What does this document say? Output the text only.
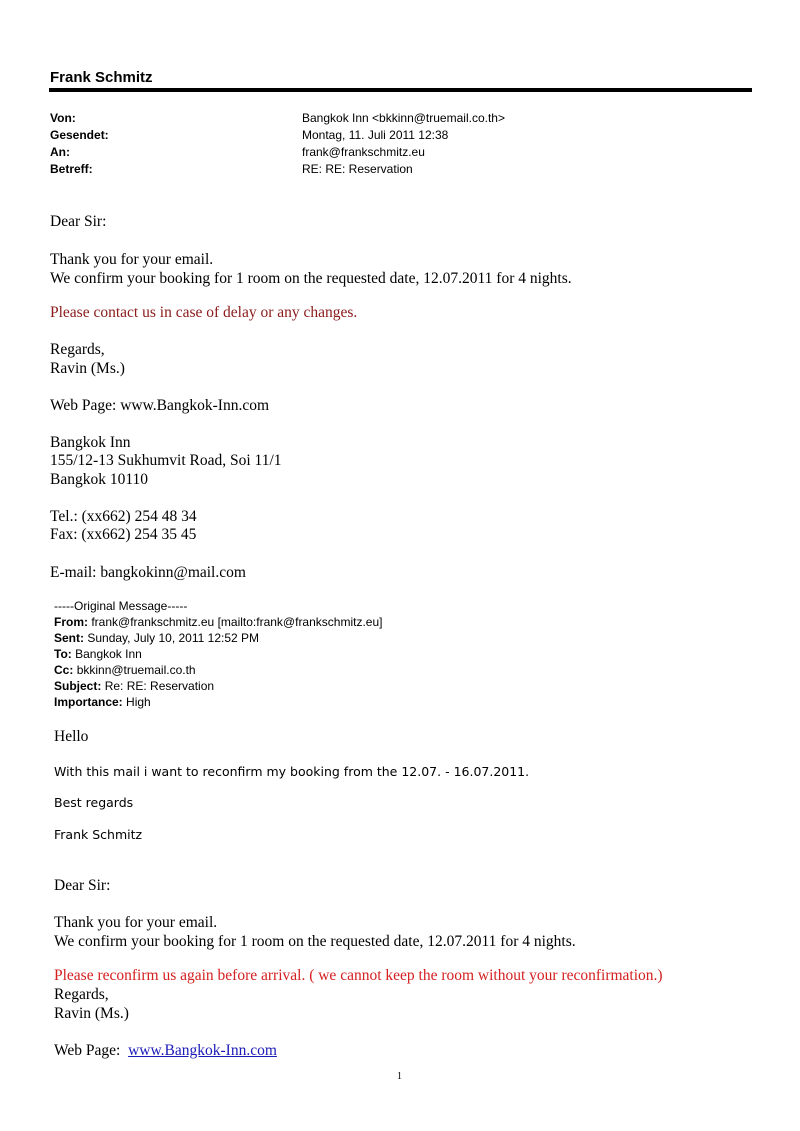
Frank Schmitz
Von:	Bangkok Inn <bkkinn@truemail.co.th>
Gesendet:	Montag, 11. Juli 2011 12:38
An:	frank@frankschmitz.eu
Betreff:	RE: RE: Reservation
Dear Sir:
Thank you for your email.
We confirm your booking for 1 room on the requested date, 12.07.2011 for 4 nights.
Please contact us in case of delay or any changes.
Regards,
Ravin (Ms.)
Web Page: www.Bangkok-Inn.com
Bangkok Inn
155/12-13 Sukhumvit Road, Soi 11/1
Bangkok 10110
Tel.: (xx662) 254 48 34
Fax: (xx662) 254 35 45
E-mail: bangkokinn@mail.com
-----Original Message-----
From: frank@frankschmitz.eu [mailto:frank@frankschmitz.eu]
Sent: Sunday, July 10, 2011 12:52 PM
To: Bangkok Inn
Cc: bkkinn@truemail.co.th
Subject: Re: RE: Reservation
Importance: High
Hello
With this mail i want to reconfirm my booking from the 12.07. - 16.07.2011.
Best regards
Frank Schmitz
Dear Sir:
Thank you for your email.
We confirm your booking for 1 room on the requested date, 12.07.2011 for 4 nights.
Please reconfirm us again before arrival. ( we cannot keep the room without your reconfirmation.)
Regards,
Ravin (Ms.)
Web Page: www.Bangkok-Inn.com
1
